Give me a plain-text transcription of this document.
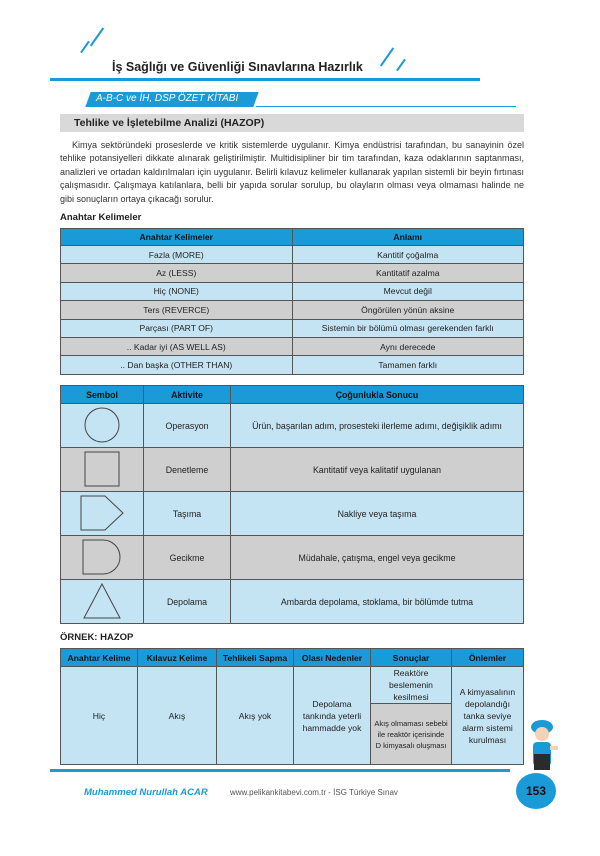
İş Sağlığı ve Güvenliği Sınavlarına Hazırlık
A-B-C ve İH, DSP ÖZET KİTABI
Tehlike ve İşletebilme Analizi (HAZOP)

Kimya sektöründeki proseslerde ve kritik sistemlerde uygulanır. Kimya endüstrisi tarafından, bu sanayinin özel tehlike potansiyelleri dikkate alınarak geliştirilmiştir. Multidisipliner bir tim tarafından, kaza odaklarının saptanması, analizleri ve ortadan kaldırılmaları için uygulanır. Belirli kılavuz kelimeler kullanarak yapılan sistemli bir beyin fırtınası çalışmasıdır. Çalışmaya katılanlara, belli bir yapıda sorular sorulup, bu olayların olması veya olmaması halinde ne gibi sonuçların ortaya çıkacağı sorulur.

Anahtar Kelimeler
Anahtar Kelimeler	Anlamı
Fazla (MORE)	Kantitif çoğalma
Az (LESS)	Kantitatif azalma
Hiç (NONE)	Mevcut değil
Ters (REVERCE)	Öngörülen yönün aksine
Parçası (PART OF)	Sistemin bir bölümü olması gerekenden farklı
.. Kadar iyi (AS WELL AS)	Aynı derecede
.. Dan başka (OTHER THAN)	Tamamen farklı
Sembol	Aktivite	Çoğunlukla Sonucu
	Operasyon	Ürün, başarılan adım, prosesteki ilerleme adımı, değişiklik adımı
	Denetleme	Kantitatif veya kalitatif uygulanan
	Taşıma	Nakliye veya taşıma
	Gecikme	Müdahale, çatışma, engel veya gecikme
	Depolama	Ambarda depolama, stoklama, bir bölümde tutma
ÖRNEK: HAZOP
Anahtar Kelime	Kılavuz Kelime	Tehlikeli Sapma	Olası Nedenler	Sonuçlar	Önlemler
Hiç	Akış	Akış yok	Depolama tankında yeterli hammadde yok	Reaktöre beslemenin kesilmesi	A kimyasalının depolandığı tanka seviye alarm sistemi kurulması
				Akış olmaması sebebi ile reaktör içerisinde D kimyasalı oluşması	
Muhammed Nurullah ACAR	www.pelikankitabevi.com.tr - İSG Türkiye Sınav	153
